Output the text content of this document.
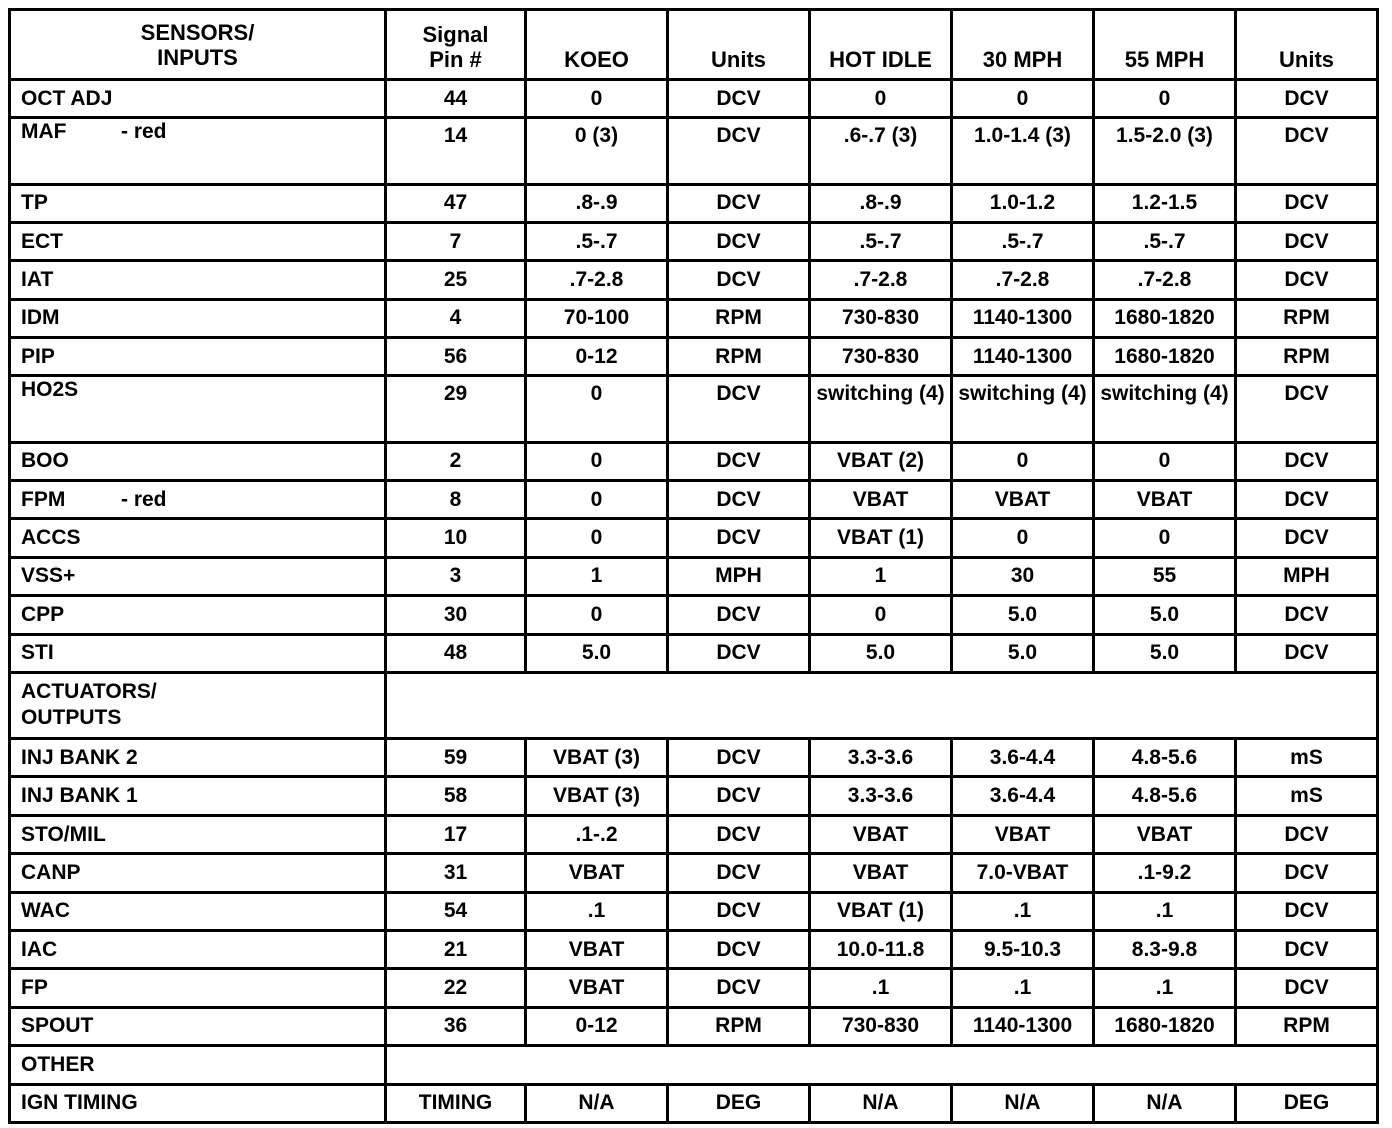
SENSORS/ INPUTS	Signal Pin #	KOEO	Units	HOT IDLE	30 MPH	55 MPH	Units
OCT ADJ	44	0	DCV	0	0	0	DCV
MAF - red	14	0 (3)	DCV	.6-.7 (3)	1.0-1.4 (3)	1.5-2.0 (3)	DCV
TP	47	.8-.9	DCV	.8-.9	1.0-1.2	1.2-1.5	DCV
ECT	7	.5-.7	DCV	.5-.7	.5-.7	.5-.7	DCV
IAT	25	.7-2.8	DCV	.7-2.8	.7-2.8	.7-2.8	DCV
IDM	4	70-100	RPM	730-830	1140-1300	1680-1820	RPM
PIP	56	0-12	RPM	730-830	1140-1300	1680-1820	RPM
HO2S	29	0	DCV	switching (4)	switching (4)	switching (4)	DCV
BOO	2	0	DCV	VBAT (2)	0	0	DCV
FPM - red	8	0	DCV	VBAT	VBAT	VBAT	DCV
ACCS	10	0	DCV	VBAT (1)	0	0	DCV
VSS+	3	1	MPH	1	30	55	MPH
CPP	30	0	DCV	0	5.0	5.0	DCV
STI	48	5.0	DCV	5.0	5.0	5.0	DCV
ACTUATORS/ OUTPUTS							
INJ BANK 2	59	VBAT (3)	DCV	3.3-3.6	3.6-4.4	4.8-5.6	mS
INJ BANK 1	58	VBAT (3)	DCV	3.3-3.6	3.6-4.4	4.8-5.6	mS
STO/MIL	17	.1-.2	DCV	VBAT	VBAT	VBAT	DCV
CANP	31	VBAT	DCV	VBAT	7.0-VBAT	.1-9.2	DCV
WAC	54	.1	DCV	VBAT (1)	.1	.1	DCV
IAC	21	VBAT	DCV	10.0-11.8	9.5-10.3	8.3-9.8	DCV
FP	22	VBAT	DCV	.1	.1	.1	DCV
SPOUT	36	0-12	RPM	730-830	1140-1300	1680-1820	RPM
OTHER							
IGN TIMING	TIMING	N/A	DEG	N/A	N/A	N/A	DEG
